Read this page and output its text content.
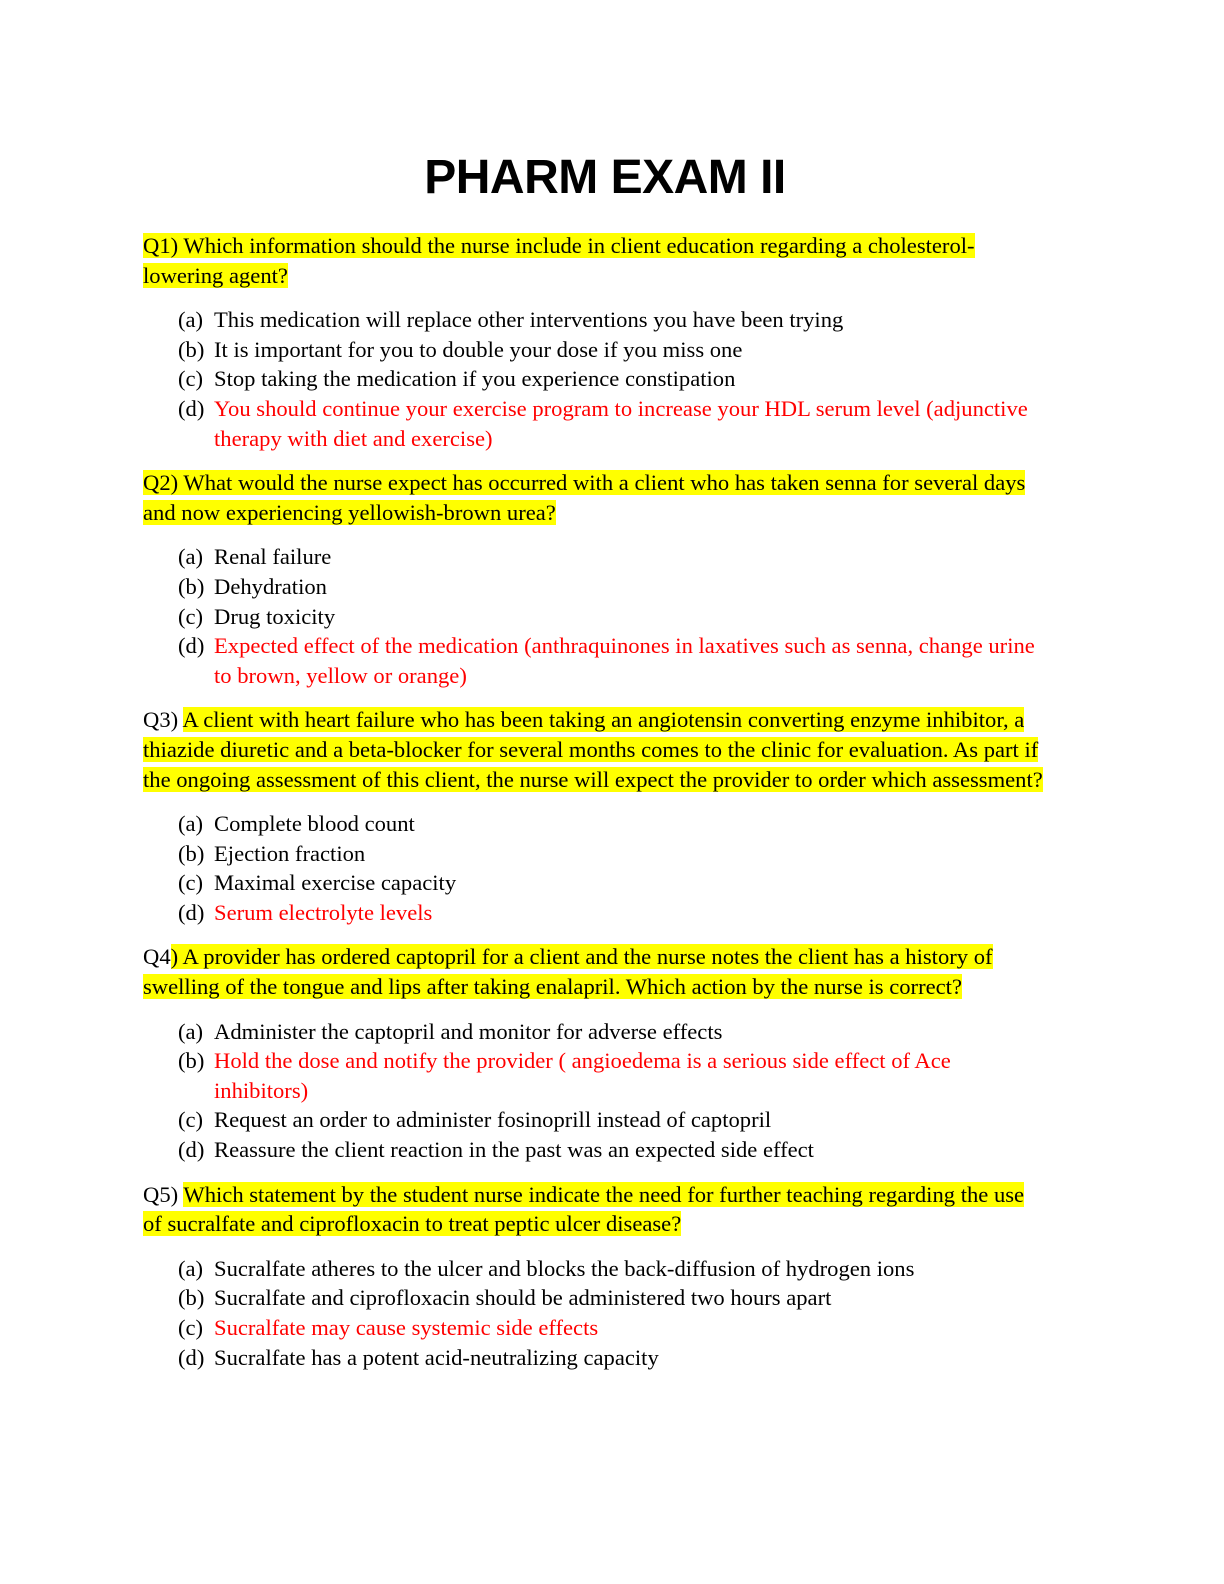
PHARM EXAM II

Q1) Which information should the nurse include in client education regarding a cholesterol-lowering agent?

(a) This medication will replace other interventions you have been trying
(b) It is important for you to double your dose if you miss one
(c) Stop taking the medication if you experience constipation
(d) You should continue your exercise program to increase your HDL serum level (adjunctive therapy with diet and exercise)

Q2) What would the nurse expect has occurred with a client who has taken senna for several days and now experiencing yellowish-brown urea?

(a) Renal failure
(b) Dehydration
(c) Drug toxicity
(d) Expected effect of the medication (anthraquinones in laxatives such as senna, change urine to brown, yellow or orange)

Q3) A client with heart failure who has been taking an angiotensin converting enzyme inhibitor, a thiazide diuretic and a beta-blocker for several months comes to the clinic for evaluation. As part if the ongoing assessment of this client, the nurse will expect the provider to order which assessment?

(a) Complete blood count
(b) Ejection fraction
(c) Maximal exercise capacity
(d) Serum electrolyte levels

Q4) A provider has ordered captopril for a client and the nurse notes the client has a history of swelling of the tongue and lips after taking enalapril. Which action by the nurse is correct?

(a) Administer the captopril and monitor for adverse effects
(b) Hold the dose and notify the provider ( angioedema is a serious side effect of Ace inhibitors)
(c) Request an order to administer fosinoprill instead of captopril
(d) Reassure the client reaction in the past was an expected side effect

Q5) Which statement by the student nurse indicate the need for further teaching regarding the use of sucralfate and ciprofloxacin to treat peptic ulcer disease?

(a) Sucralfate atheres to the ulcer and blocks the back-diffusion of hydrogen ions
(b) Sucralfate and ciprofloxacin should be administered two hours apart
(c) Sucralfate may cause systemic side effects
(d) Sucralfate has a potent acid-neutralizing capacity
